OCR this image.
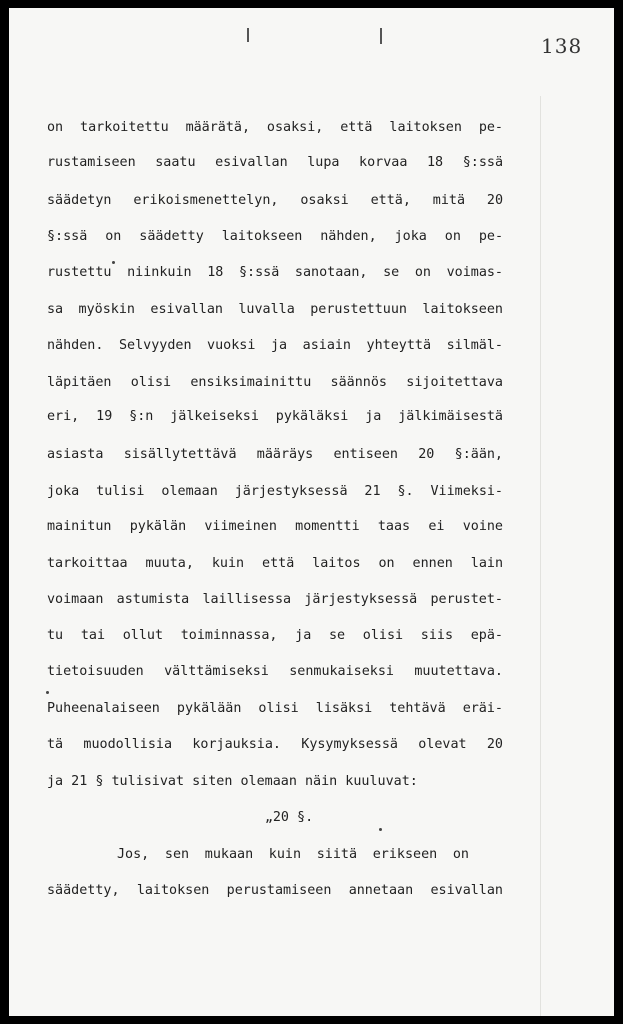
138
on tarkoitettu määrätä, osaksi, että laitoksen pe-
rustamiseen saatu esivallan lupa korvaa 18 §:ssä
säädetyn erikoismenettelyn, osaksi että, mitä 20
§:ssä on säädetty laitokseen nähden, joka on pe-
rustettu niinkuin 18 §:ssä sanotaan, se on voimas-
sa myöskin esivallan luvalla perustettuun laitokseen
nähden. Selvyyden vuoksi ja asiain yhteyttä silmäl-
läpitäen olisi ensiksimainittu säännös sijoitettava
eri, 19 §:n jälkeiseksi pykäläksi ja jälkimäisestä
asiasta sisällytettävä määräys entiseen 20 §:ään,
joka tulisi olemaan järjestyksessä 21 §. Viimeksi-
mainitun pykälän viimeinen momentti taas ei voine
tarkoittaa muuta, kuin että laitos on ennen lain
voimaan astumista laillisessa järjestyksessä perustet-
tu tai ollut toiminnassa, ja se olisi siis epä-
tietoisuuden välttämiseksi senmukaiseksi muutettava.
Puheenalaiseen pykälään olisi lisäksi tehtävä eräi-
tä muodollisia korjauksia. Kysymyksessä olevat 20
ja 21 § tulisivat siten olemaan näin kuuluvat:
„20 §.
Jos, sen mukaan kuin siitä erikseen on
säädetty, laitoksen perustamiseen annetaan esivallan
